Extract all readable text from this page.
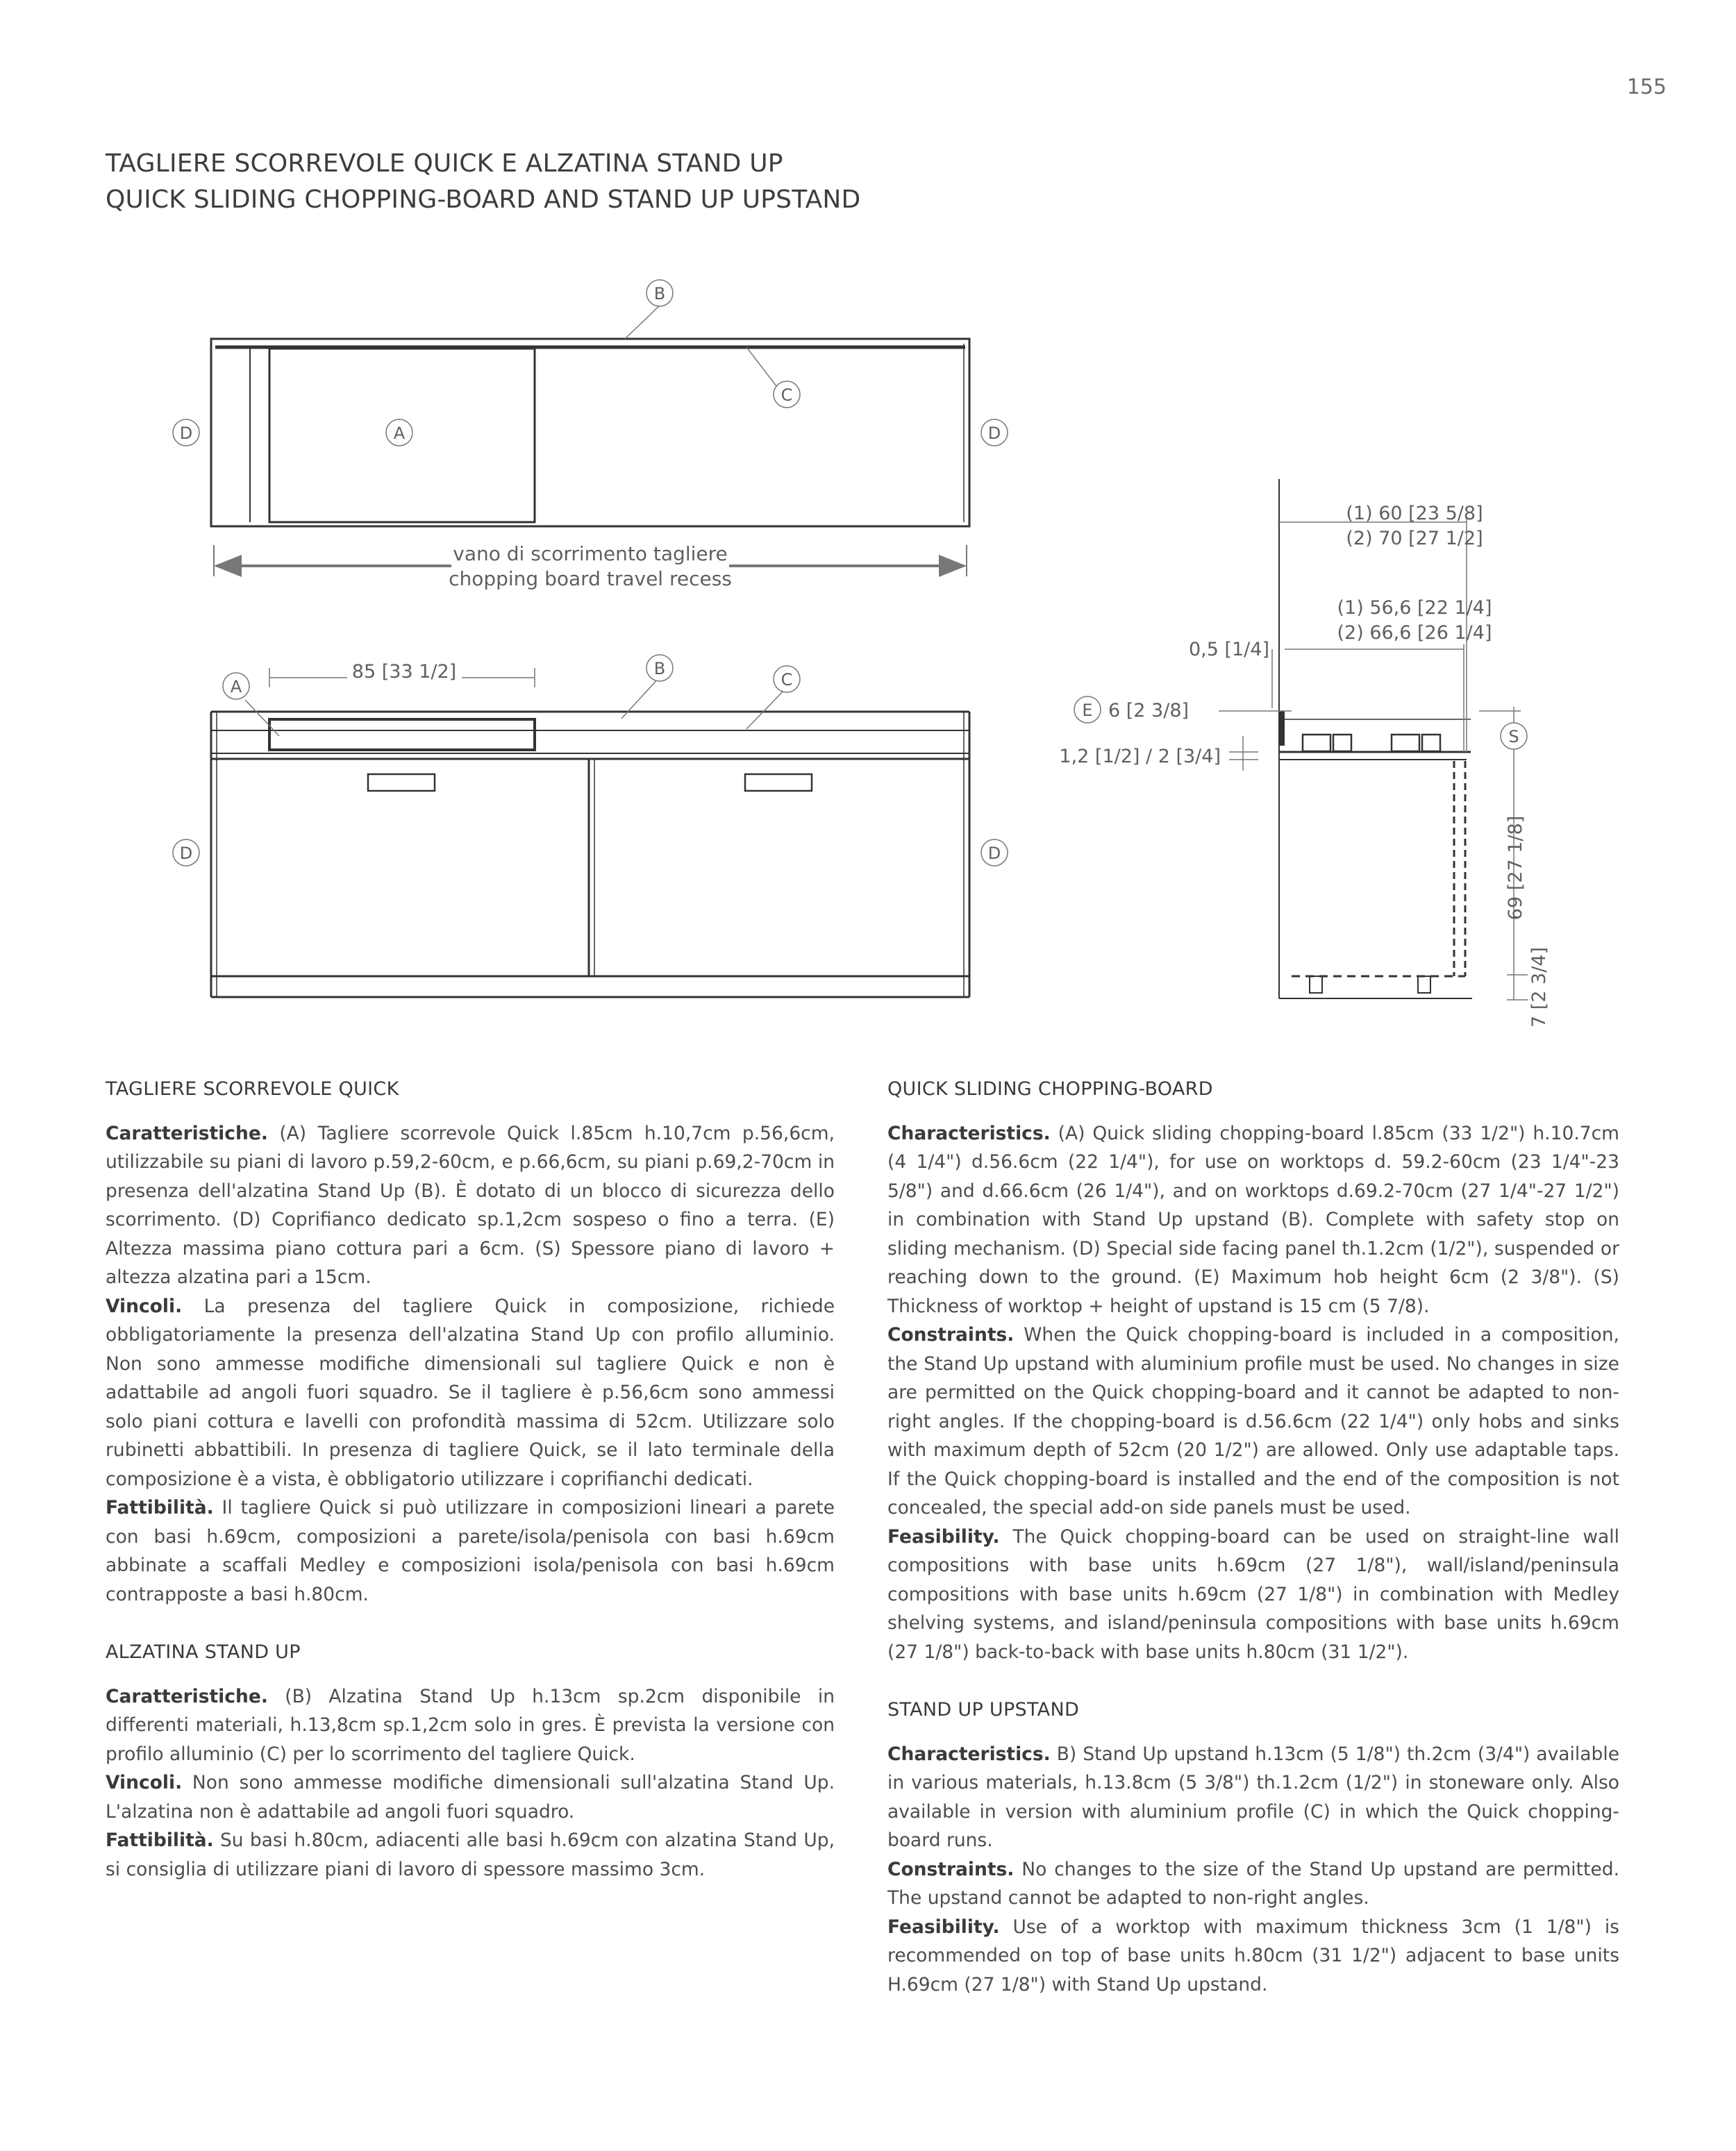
155
TAGLIERE SCORREVOLE QUICK E ALZATINA STAND UP
QUICK SLIDING CHOPPING-BOARD AND STAND UP UPSTAND
B
C
A
D	D
vano di scorrimento tagliere
chopping board travel recess
85 [33 1/2]
A
B
C
D	D
(1) 60 [23 5/8]
(2) 70 [27 1/2]
(1) 56,6 [22 1/4]
(2) 66,6 [26 1/4]
0,5 [1/4]
E 6 [2 3/8]
1,2 [1/2] / 2 [3/4]
S
69 [27 1/8]
7 [2 3/4]
TAGLIERE SCORREVOLE QUICK

Caratteristiche. (A) Tagliere scorrevole Quick l.85cm h.10,7cm p.56,6cm, utilizzabile su piani di lavoro p.59,2-60cm, e p.66,6cm, su piani p.69,2-70cm in presenza dell'alzatina Stand Up (B). È dotato di un blocco di sicurezza dello scorrimento. (D) Coprifianco dedicato sp.1,2cm sospeso o fino a terra. (E) Altezza massima piano cottura pari a 6cm. (S) Spessore piano di lavoro + altezza alzatina pari a 15cm.

Vincoli. La presenza del tagliere Quick in composizione, richiede obbligatoriamente la presenza dell'alzatina Stand Up con profilo alluminio. Non sono ammesse modifiche dimensionali sul tagliere Quick e non è adattabile ad angoli fuori squadro. Se il tagliere è p.56,6cm sono ammessi solo piani cottura e lavelli con profondità massima di 52cm. Utilizzare solo rubinetti abbattibili. In presenza di tagliere Quick, se il lato terminale della composizione è a vista, è obbligatorio utilizzare i coprifianchi dedicati.

Fattibilità. Il tagliere Quick si può utilizzare in composizioni lineari a parete con basi h.69cm, composizioni a parete/isola/penisola con basi h.69cm abbinate a scaffali Medley e composizioni isola/penisola con basi h.69cm contrapposte a basi h.80cm.

ALZATINA STAND UP

Caratteristiche. (B) Alzatina Stand Up h.13cm sp.2cm disponibile in differenti materiali, h.13,8cm sp.1,2cm solo in gres. È prevista la versione con profilo alluminio (C) per lo scorrimento del tagliere Quick.

Vincoli. Non sono ammesse modifiche dimensionali sull'alzatina Stand Up. L'alzatina non è adattabile ad angoli fuori squadro.

Fattibilità. Su basi h.80cm, adiacenti alle basi h.69cm con alzatina Stand Up, si consiglia di utilizzare piani di lavoro di spessore massimo 3cm.

QUICK SLIDING CHOPPING-BOARD

Characteristics. (A) Quick sliding chopping-board l.85cm (33 1/2") h.10.7cm (4 1/4") d.56.6cm (22 1/4"), for use on worktops d. 59.2-60cm (23 1/4"-23 5/8") and d.66.6cm (26 1/4"), and on worktops d.69.2-70cm (27 1/4"-27 1/2") in combination with Stand Up upstand (B). Complete with safety stop on sliding mechanism. (D) Special side facing panel th.1.2cm (1/2"), suspended or reaching down to the ground. (E) Maximum hob height 6cm (2 3/8"). (S) Thickness of worktop + height of upstand is 15 cm (5 7/8).

Constraints. When the Quick chopping-board is included in a composition, the Stand Up upstand with aluminium profile must be used. No changes in size are permitted on the Quick chopping-board and it cannot be adapted to non-right angles. If the chopping-board is d.56.6cm (22 1/4") only hobs and sinks with maximum depth of 52cm (20 1/2") are allowed. Only use adaptable taps. If the Quick chopping-board is installed and the end of the composition is not concealed, the special add-on side panels must be used.

Feasibility. The Quick chopping-board can be used on straight-line wall compositions with base units h.69cm (27 1/8"), wall/island/peninsula compositions with base units h.69cm (27 1/8") in combination with Medley shelving systems, and island/peninsula compositions with base units h.69cm (27 1/8") back-to-back with base units h.80cm (31 1/2").

STAND UP UPSTAND

Characteristics. B) Stand Up upstand h.13cm (5 1/8") th.2cm (3/4") available in various materials, h.13.8cm (5 3/8") th.1.2cm (1/2") in stoneware only. Also available in version with aluminium profile (C) in which the Quick chopping-board runs.

Constraints. No changes to the size of the Stand Up upstand are permitted. The upstand cannot be adapted to non-right angles.

Feasibility. Use of a worktop with maximum thickness 3cm (1 1/8") is recommended on top of base units h.80cm (31 1/2") adjacent to base units H.69cm (27 1/8") with Stand Up upstand.
